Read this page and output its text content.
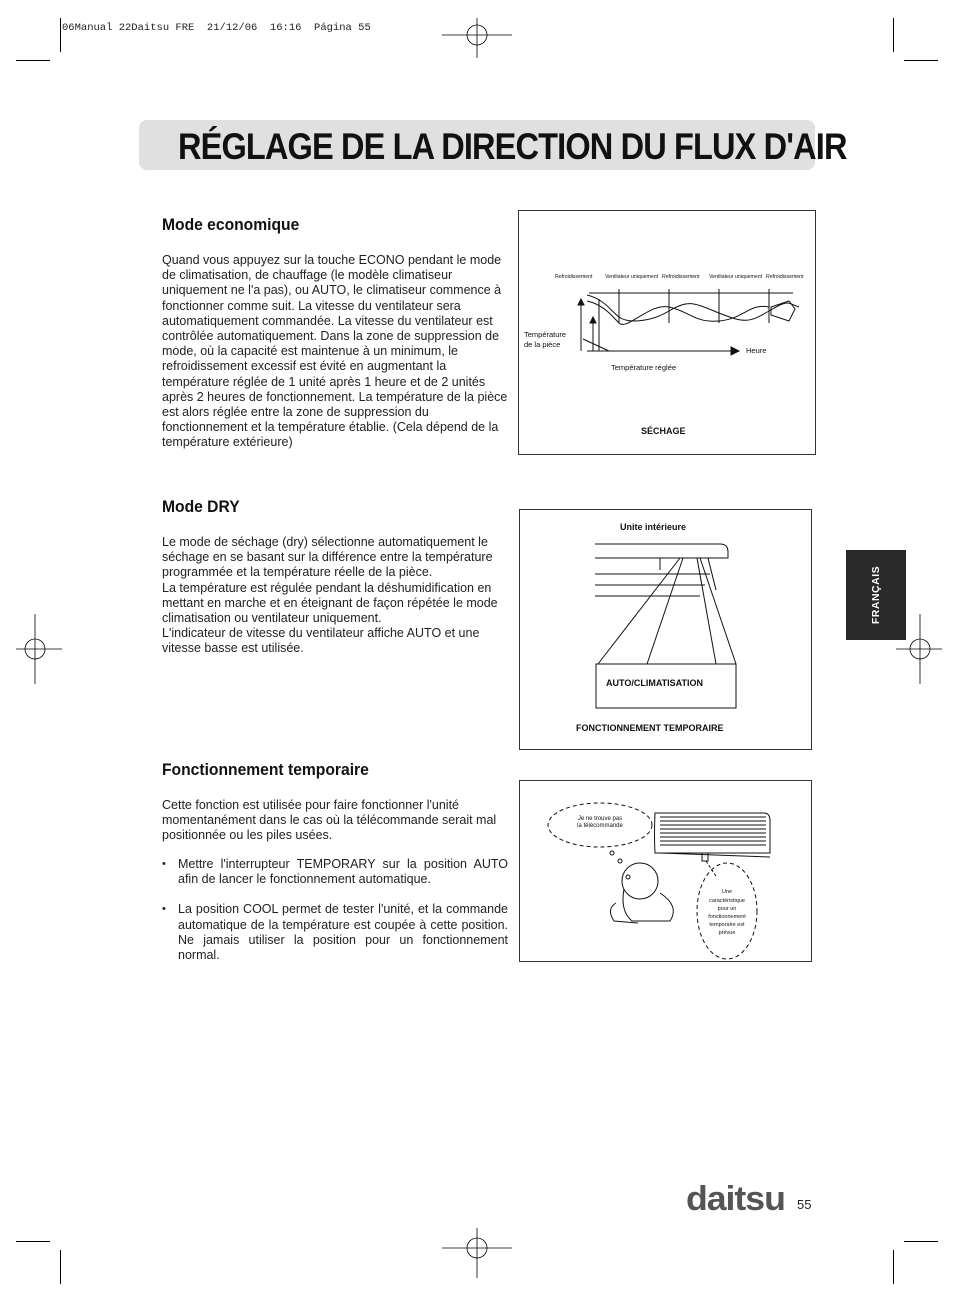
06Manual 22Daitsu FRE  21/12/06  16:16  Página 55
RÉGLAGE DE LA DIRECTION DU FLUX D'AIR
Mode economique
Quand vous appuyez sur la touche ECONO pendant le mode de climatisation, de chauffage (le modèle climatiseur uniquement ne l'a pas), ou AUTO, le climatiseur commence à fonctionner comme suit. La vitesse du ventilateur sera automatiquement commandée. La vitesse du ventilateur est contrôlée automatiquement. Dans la zone de suppression de mode, où la capacité est maintenue à un minimum, le refroidissement excessif est évité en augmentant la température réglée de 1 unité après 1 heure et de 2 unités après 2 heures de fonctionnement. La température de la pièce est alors réglée entre la zone de suppression du fonctionnement et la température établie. (Cela dépend de la température extérieure)
Refroidissement Ventilateur uniquement Refroidissement Ventilateur uniquement Refroidissement
Température
de la pièce
Heure
Température réglée
SÉCHAGE
Mode DRY

Le mode de séchage (dry) sélectionne automatiquement le séchage en se basant sur la différence entre la température programmée et la température réelle de la pièce.

La température est régulée pendant la déshumidification en mettant en marche et en éteignant de façon répétée le mode climatisation ou ventilateur uniquement.

L'indicateur de vitesse du ventilateur affiche AUTO et une vitesse basse est utilisée.

Unite intérieure
AUTO/CLIMATISATION
FONCTIONNEMENT TEMPORAIRE
Fonctionnement temporaire
Cette fonction est utilisée pour faire fonctionner l'unité momentanément dans le cas où la télécommande serait mal positionnée ou les piles usées.
• Mettre l'interrupteur TEMPORARY sur la position AUTO afin de lancer le fonctionnement automatique.
• La position COOL permet de tester l'unité, et la commande automatique de la température est coupée à cette position. Ne jamais utiliser la position pour un fonctionnement normal.
Je ne trouve pas
la télécommande
Une
caractéristique
pour un
fonctionnement
temporaire est
prévue
FRANÇAIS
daitsu 55
